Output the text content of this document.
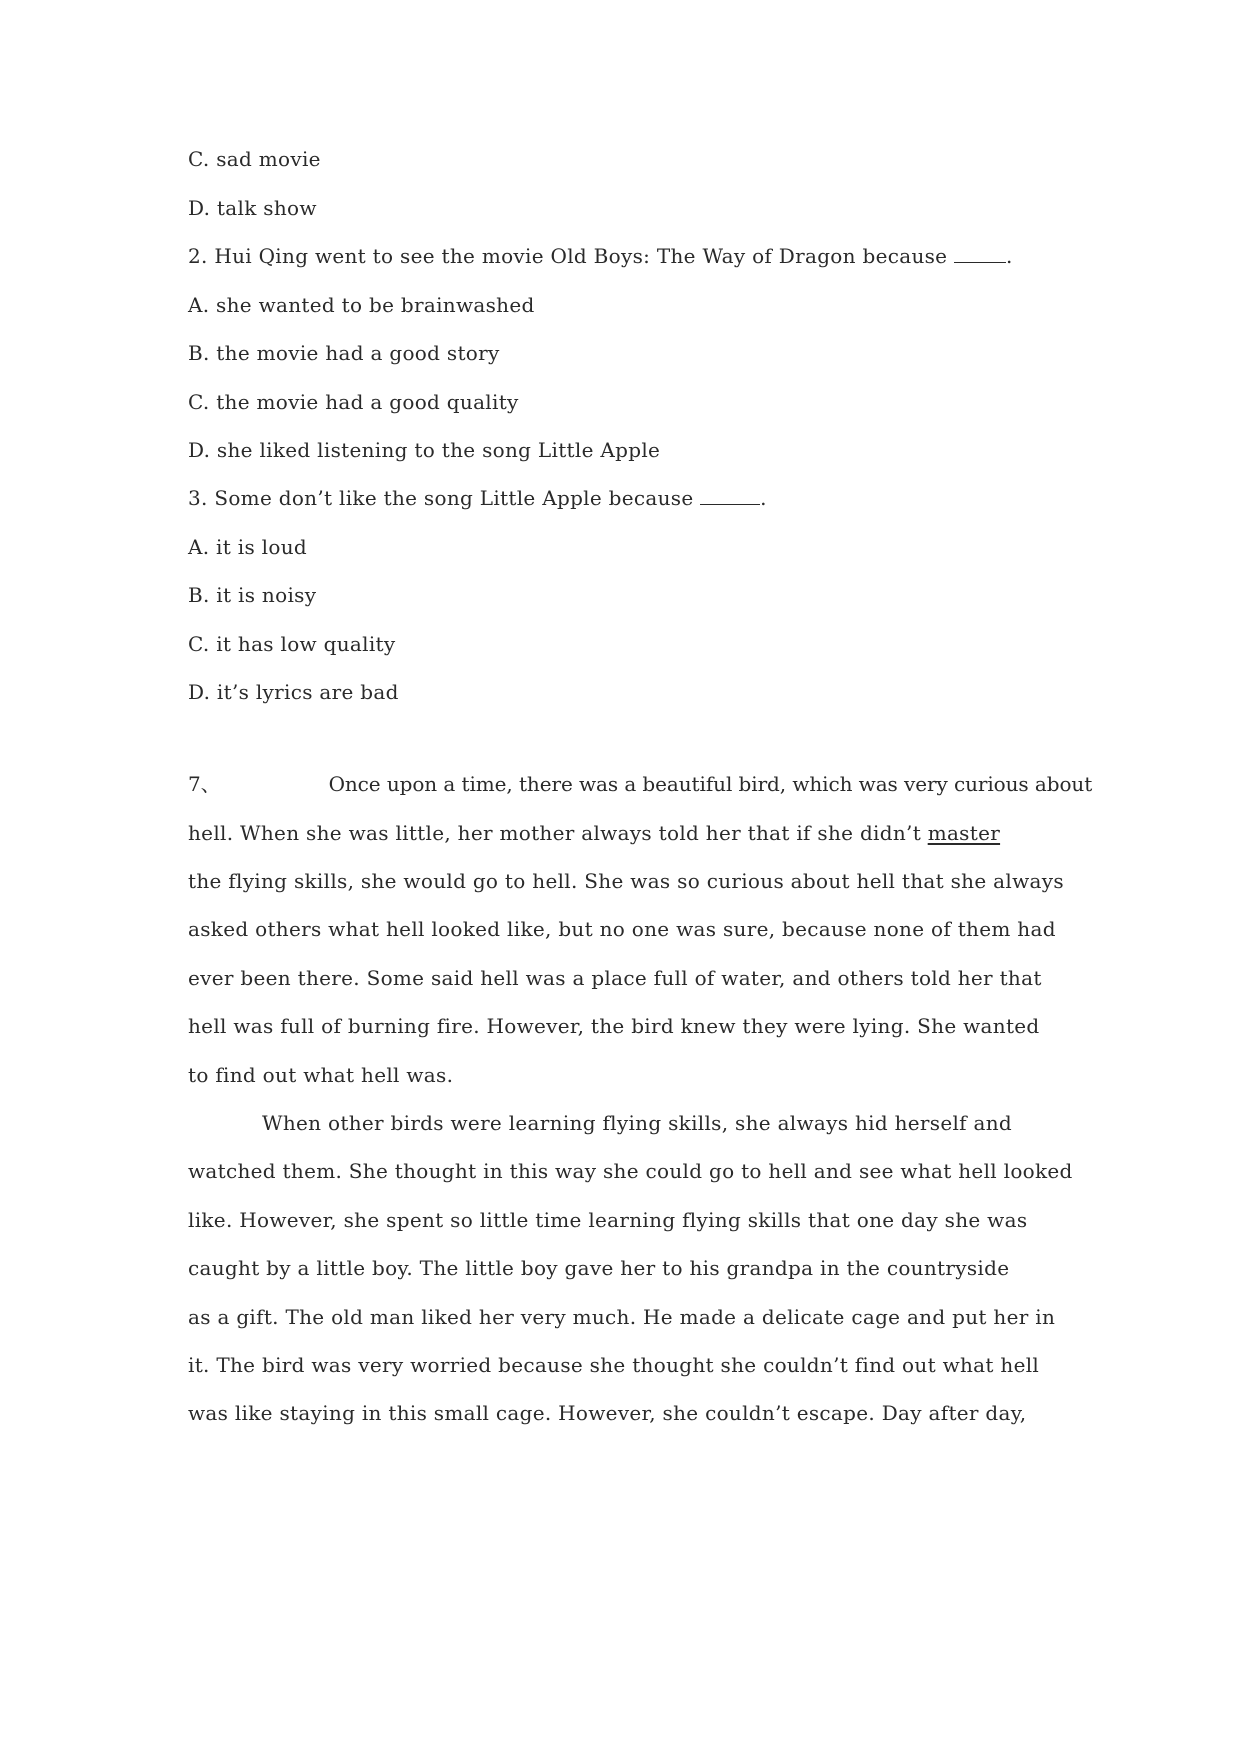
C. sad movie
D. talk show
2. Hui Qing went to see the movie Old Boys: The Way of Dragon because	.
A. she wanted to be brainwashed
B. the movie had a good story
C. the movie had a good quality
D. she liked listening to the song Little Apple
3. Some don’t like the song Little Apple because	.
A. it is loud
B. it is noisy
C. it has low quality
D. it’s lyrics are bad
7、	Once upon a time, there was a beautiful bird, which was very curious about
hell. When she was little, her mother always told her that if she didn’t master
the flying skills, she would go to hell. She was so curious about hell that she always
asked others what hell looked like, but no one was sure, because none of them had
ever been there. Some said hell was a place full of water, and others told her that
hell was full of burning fire. However, the bird knew they were lying. She wanted
to find out what hell was.
When other birds were learning flying skills, she always hid herself and
watched them. She thought in this way she could go to hell and see what hell looked
like. However, she spent so little time learning flying skills that one day she was
caught by a little boy. The little boy gave her to his grandpa in the countryside
as a gift. The old man liked her very much. He made a delicate cage and put her in
it. The bird was very worried because she thought she couldn’t find out what hell
was like staying in this small cage. However, she couldn’t escape. Day after day,
